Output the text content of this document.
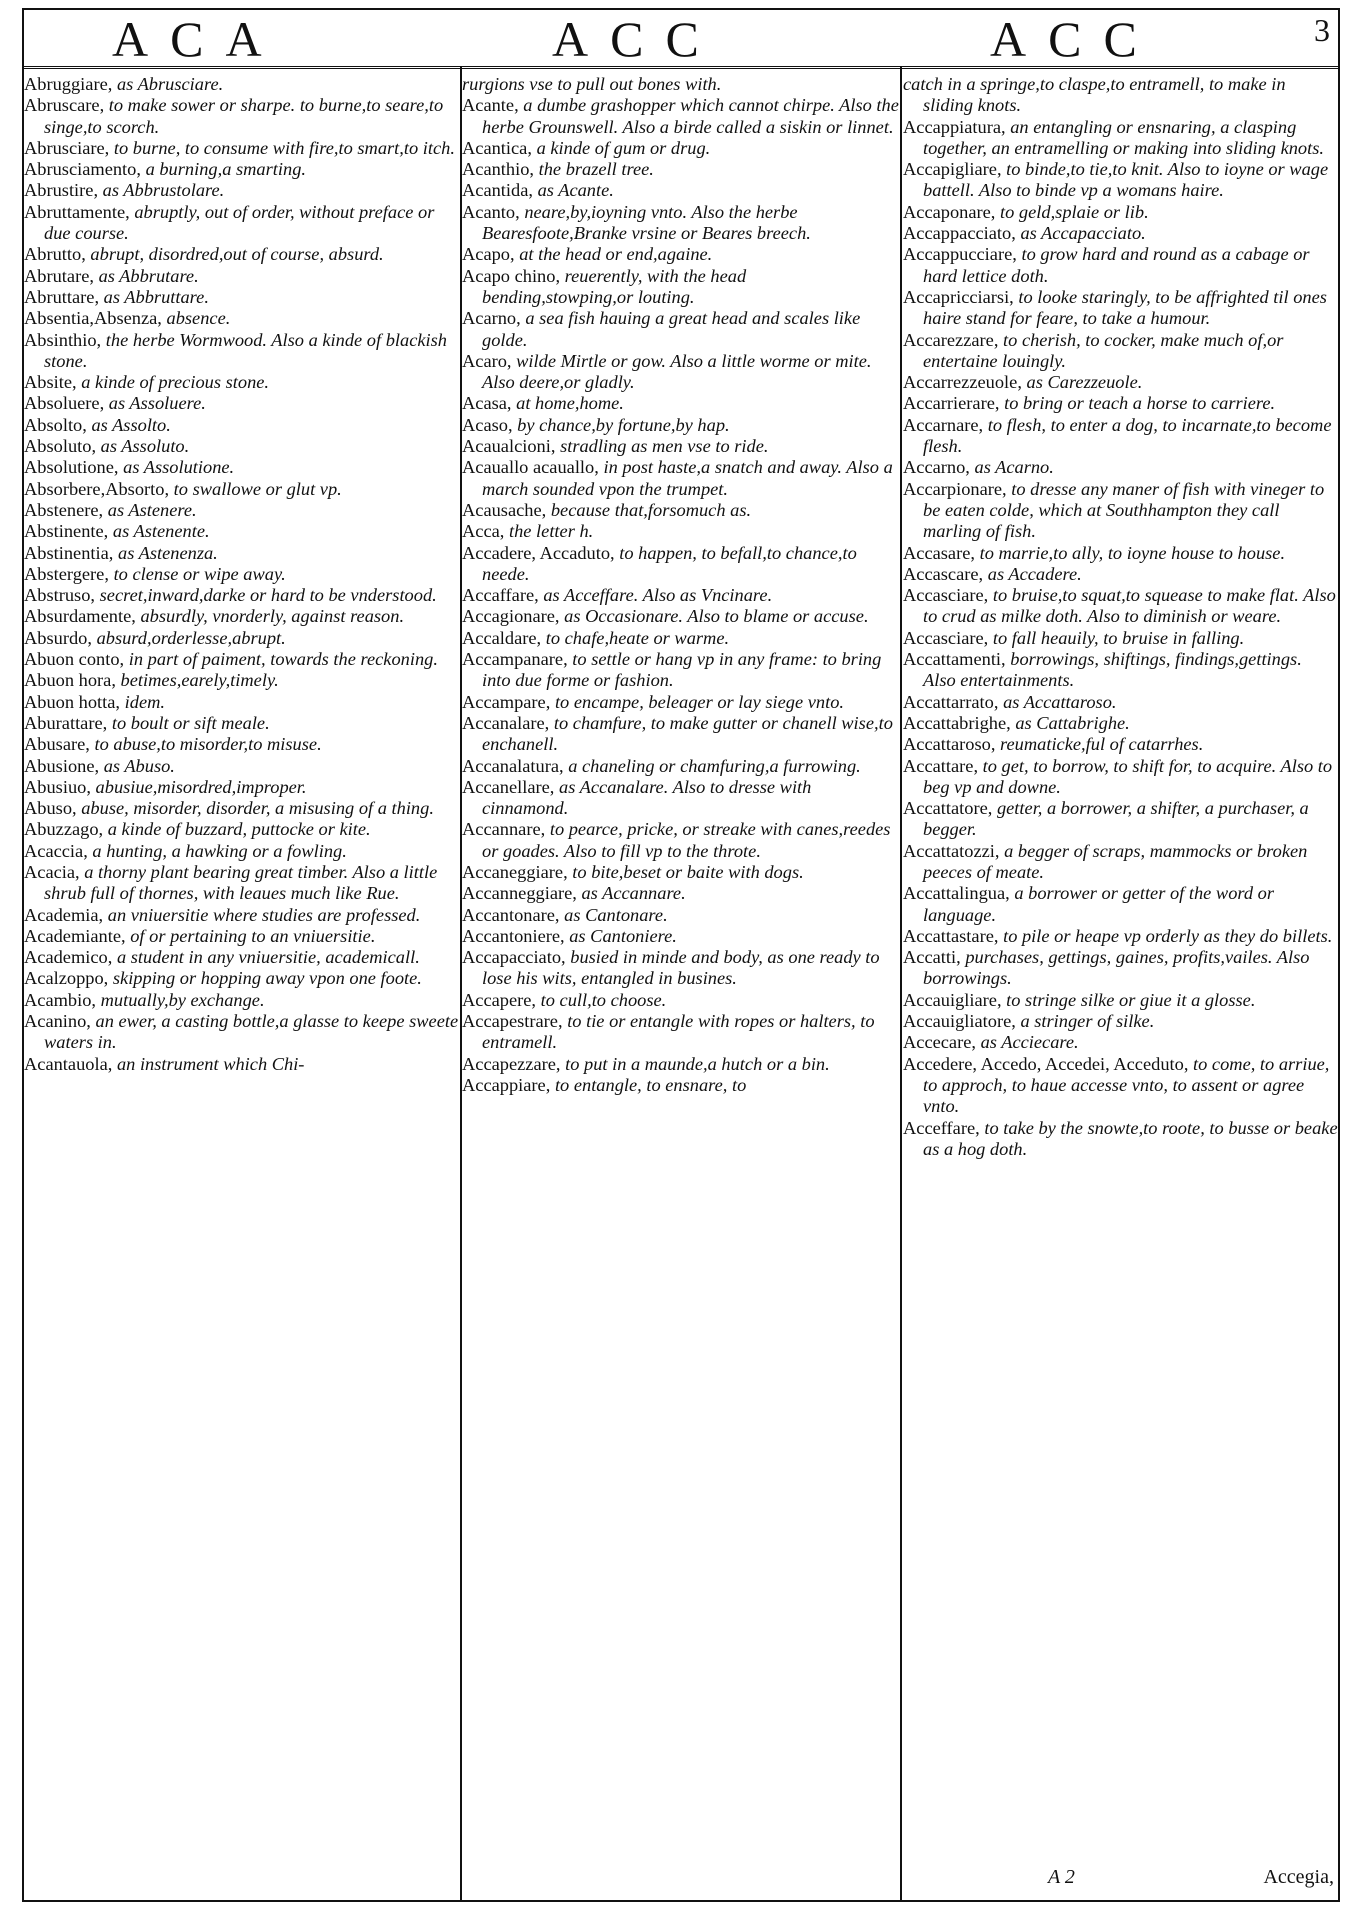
ACA	ACC	ACC	3
Abruggiare, as Abrusciare.
Abruscare, to make sower or sharpe. to burne,to seare,to singe,to scorch.
Abrusciare, to burne, to consume with fire,to smart,to itch.
Abrusciamento, a burning,a smarting.
Abrustire, as Abbrustolare.
Abruttamente, abruptly, out of order, without preface or due course.
Abrutto, abrupt, disordred,out of course, absurd.
Abrutare, as Abbrutare.
Abruttare, as Abbruttare.
Absentia,Absenza, absence.
Absinthio, the herbe Wormwood. Also a kinde of blackish stone.
Absite, a kinde of precious stone.
Absoluere, as Assoluere.
Absolto, as Assolto.
Absoluto, as Assoluto.
Absolutione, as Assolutione.
Absorbere,Absorto, to swallowe or glut vp.
Abstenere, as Astenere.
Abstinente, as Astenente.
Abstinentia, as Astenenza.
Abstergere, to clense or wipe away.
Abstruso, secret,inward,darke or hard to be vnderstood.
Absurdamente, absurdly, vnorderly, against reason.
Absurdo, absurd,orderlesse,abrupt.
Abuon conto, in part of paiment, towards the reckoning.
Abuon hora, betimes,earely,timely.
Abuon hotta, idem.
Aburattare, to boult or sift meale.
Abusare, to abuse,to misorder,to misuse.
Abusione, as Abuso.
Abusiuo, abusiue,misordred,improper.
Abuso, abuse, misorder, disorder, a misusing of a thing.
Abuzzago, a kinde of buzzard, puttocke or kite.
Acaccia, a hunting, a hawking or a fowling.
Acacia, a thorny plant bearing great timber. Also a little shrub full of thornes, with leaues much like Rue.
Academia, an vniuersitie where studies are professed.
Academiante, of or pertaining to an vniuersitie.
Academico, a student in any vniuersitie, academicall.
Acalzoppo, skipping or hopping away vpon one foote.
Acambio, mutually,by exchange.
Acanino, an ewer, a casting bottle,a glasse to keepe sweete waters in.
Acantauola, an instrument which Chi-
rurgions vse to pull out bones with.
Acante, a dumbe grashopper which cannot chirpe. Also the herbe Grounswell. Also a birde called a siskin or linnet.
Acantica, a kinde of gum or drug.
Acanthio, the brazell tree.
Acantida, as Acante.
Acanto, neare,by,ioyning vnto. Also the herbe Bearesfoote,Branke vrsine or Beares breech.
Acapo, at the head or end,againe.
Acapo chino, reuerently, with the head bending,stowping,or louting.
Acarno, a sea fish hauing a great head and scales like golde.
Acaro, wilde Mirtle or gow. Also a little worme or mite. Also deere,or gladly.
Acasa, at home,home.
Acaso, by chance,by fortune,by hap.
Acaualcioni, stradling as men vse to ride.
Acauallo acauallo, in post haste,a snatch and away. Also a march sounded vpon the trumpet.
Acausache, because that,forsomuch as.
Acca, the letter h.
Accadere, Accaduto, to happen, to befall,to chance,to neede.
Accaffare, as Acceffare. Also as Vncinare.
Accagionare, as Occasionare. Also to blame or accuse.
Accaldare, to chafe,heate or warme.
Accampanare, to settle or hang vp in any frame: to bring into due forme or fashion.
Accampare, to encampe, beleager or lay siege vnto.
Accanalare, to chamfure, to make gutter or chanell wise,to enchanell.
Accanalatura, a chaneling or chamfuring,a furrowing.
Accanellare, as Accanalare. Also to dresse with cinnamond.
Accannare, to pearce, pricke, or streake with canes,reedes or goades. Also to fill vp to the throte.
Accaneggiare, to bite,beset or baite with dogs.
Accanneggiare, as Accannare.
Accantonare, as Cantonare.
Accantoniere, as Cantoniere.
Accapacciato, busied in minde and body, as one ready to lose his wits, entangled in busines.
Accapere, to cull,to choose.
Accapestrare, to tie or entangle with ropes or halters, to entramell.
Accapezzare, to put in a maunde,a hutch or a bin.
Accappiare, to entangle, to ensnare, to
catch in a springe,to claspe,to entramell, to make in sliding knots.
Accappiatura, an entangling or ensnaring, a clasping together, an entramelling or making into sliding knots.
Accapigliare, to binde,to tie,to knit. Also to ioyne or wage battell. Also to binde vp a womans haire.
Accaponare, to geld,splaie or lib.
Accappacciato, as Accapacciato.
Accappucciare, to grow hard and round as a cabage or hard lettice doth.
Accapricciarsi, to looke staringly, to be affrighted til ones haire stand for feare, to take a humour.
Accarezzare, to cherish, to cocker, make much of,or entertaine louingly.
Accarrezzeuole, as Carezzeuole.
Accarrierare, to bring or teach a horse to carriere.
Accarnare, to flesh, to enter a dog, to incarnate,to become flesh.
Accarno, as Acarno.
Accarpionare, to dresse any maner of fish with vineger to be eaten colde, which at Southhampton they call marling of fish.
Accasare, to marrie,to ally, to ioyne house to house.
Accascare, as Accadere.
Accasciare, to bruise,to squat,to squease to make flat. Also to crud as milke doth. Also to diminish or weare.
Accasciare, to fall heauily, to bruise in falling.
Accattamenti, borrowings, shiftings, findings,gettings. Also entertainments.
Accattarrato, as Accattaroso.
Accattabrighe, as Cattabrighe.
Accattaroso, reumaticke,ful of catarrhes.
Accattare, to get, to borrow, to shift for, to acquire. Also to beg vp and downe.
Accattatore, getter, a borrower, a shifter, a purchaser, a begger.
Accattatozzi, a begger of scraps, mammocks or broken peeces of meate.
Accattalingua, a borrower or getter of the word or language.
Accattastare, to pile or heape vp orderly as they do billets.
Accatti, purchases, gettings, gaines, profits,vailes. Also borrowings.
Accauigliare, to stringe silke or giue it a glosse.
Accauigliatore, a stringer of silke.
Accecare, as Acciecare.
Accedere, Accedo, Accedei, Acceduto, to come, to arriue, to approch, to haue accesse vnto, to assent or agree vnto.
Acceffare, to take by the snowte,to roote, to busse or beake as a hog doth.
A 2	Accegia,
